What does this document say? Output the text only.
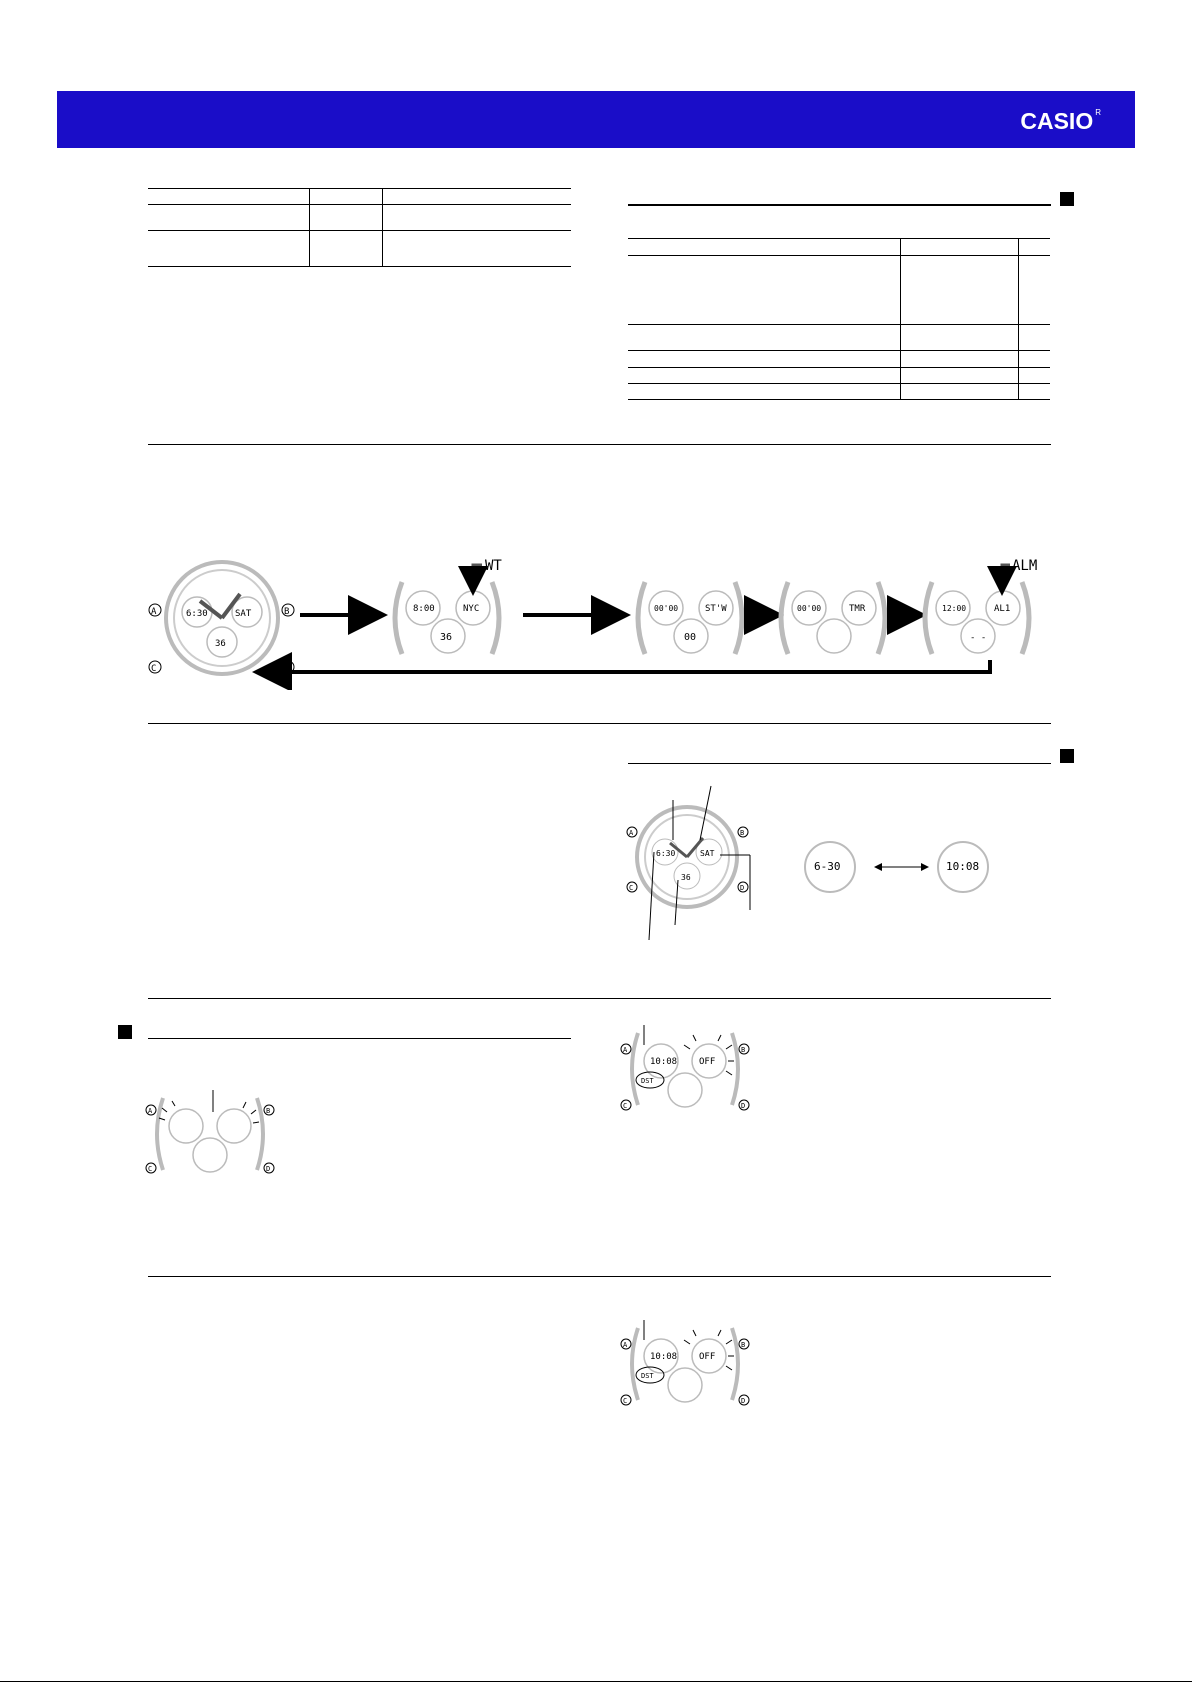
CASIO $^R$
6:30	SAT
36
A	B
C	D
8:00	NYC
36
WT
00'00	ST'W
00
00'00	TMR	12:00	AL1
- -
ALM
6:30	SAT
36
A	B
C	D
6-30	10:08
A	B
C	D
10:08 OFF
DST
A	B
C	D
10:08 OFF
DST
A	B
C	D
